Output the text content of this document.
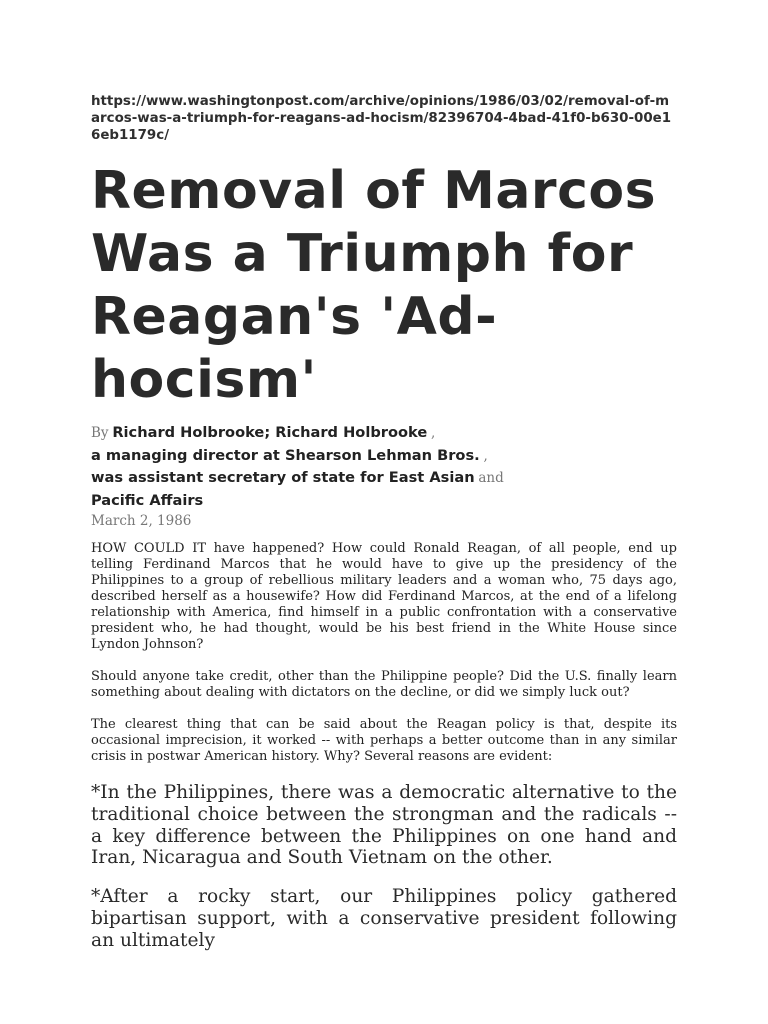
https://www.washingtonpost.com/archive/opinions/1986/03/02/removal-of-marcos-was-a-triumph-for-reagans-ad-hocism/82396704-4bad-41f0-b630-00e16eb1179c/
Removal of Marcos
Was a Triumph for
Reagan's 'Ad-
hocism'
By Richard Holbrooke; Richard Holbrooke ,
a managing director at Shearson Lehman Bros. ,
was assistant secretary of state for East Asian and
Pacific Affairs
March 2, 1986

HOW COULD IT have happened? How could Ronald Reagan, of all people, end up telling Ferdinand Marcos that he would have to give up the presidency of the Philippines to a group of rebellious military leaders and a woman who, 75 days ago, described herself as a housewife? How did Ferdinand Marcos, at the end of a lifelong relationship with America, find himself in a public confrontation with a conservative president who, he had thought, would be his best friend in the White House since Lyndon Johnson?

Should anyone take credit, other than the Philippine people? Did the U.S. finally learn something about dealing with dictators on the decline, or did we simply luck out?

The clearest thing that can be said about the Reagan policy is that, despite its occasional imprecision, it worked -- with perhaps a better outcome than in any similar crisis in postwar American history. Why? Several reasons are evident:

*In the Philippines, there was a democratic alternative to the traditional choice between the strongman and the radicals -- a key difference between the Philippines on one hand and Iran, Nicaragua and South Vietnam on the other.

*After a rocky start, our Philippines policy gathered bipartisan support, with a conservative president following an ultimately
